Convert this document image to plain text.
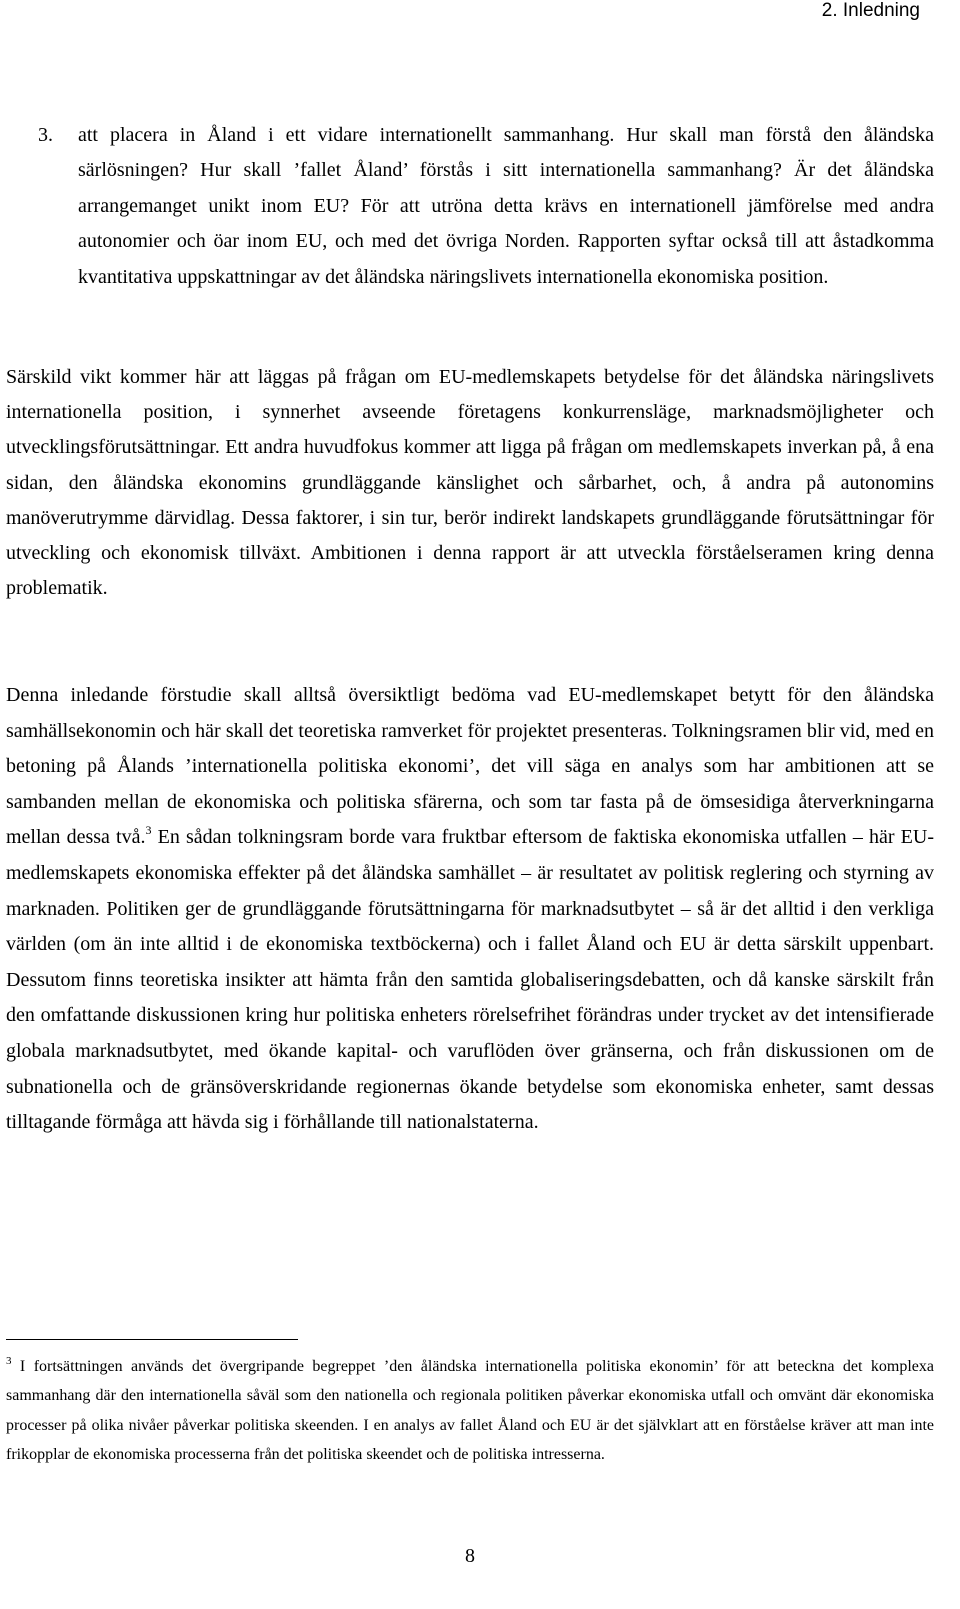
2. Inledning
3. att placera in Åland i ett vidare internationellt sammanhang. Hur skall man förstå den åländska särlösningen? Hur skall ’fallet Åland’ förstås i sitt internationella sammanhang? Är det åländska arrangemanget unikt inom EU? För att utröna detta krävs en internationell jämförelse med andra autonomier och öar inom EU, och med det övriga Norden. Rapporten syftar också till att åstadkomma kvantitativa uppskattningar av det åländska näringslivets internationella ekonomiska position.

Särskild vikt kommer här att läggas på frågan om EU-medlemskapets betydelse för det åländska näringslivets internationella position, i synnerhet avseende företagens konkurrensläge, marknadsmöjligheter och utvecklingsförutsättningar. Ett andra huvudfokus kommer att ligga på frågan om medlemskapets inverkan på, å ena sidan, den åländska ekonomins grundläggande känslighet och sårbarhet, och, å andra på autonomins manöverutrymme därvidlag. Dessa faktorer, i sin tur, berör indirekt landskapets grundläggande förutsättningar för utveckling och ekonomisk tillväxt. Ambitionen i denna rapport är att utveckla förståelseramen kring denna problematik.

Denna inledande förstudie skall alltså översiktligt bedöma vad EU-medlemskapet betytt för den åländska samhällsekonomin och här skall det teoretiska ramverket för projektet presenteras. Tolkningsramen blir vid, med en betoning på Ålands ’internationella politiska ekonomi’, det vill säga en analys som har ambitionen att se sambanden mellan de ekonomiska och politiska sfärerna, och som tar fasta på de ömsesidiga återverkningarna mellan dessa två.$^3$ En sådan tolkningsram borde vara fruktbar eftersom de faktiska ekonomiska utfallen – här EU-medlemskapets ekonomiska effekter på det åländska samhället – är resultatet av politisk reglering och styrning av marknaden. Politiken ger de grundläggande förutsättningarna för marknadsutbytet – så är det alltid i den verkliga världen (om än inte alltid i de ekonomiska textböckerna) och i fallet Åland och EU är detta särskilt uppenbart. Dessutom finns teoretiska insikter att hämta från den samtida globaliseringsdebatten, och då kanske särskilt från den omfattande diskussionen kring hur politiska enheters rörelsefrihet förändras under trycket av det intensifierade globala marknadsutbytet, med ökande kapital- och varuflöden över gränserna, och från diskussionen om de subnationella och de gränsöverskridande regionernas ökande betydelse som ekonomiska enheter, samt dessas tilltagande förmåga att hävda sig i förhållande till nationalstaterna.

$^3$ I fortsättningen används det övergripande begreppet ’den åländska internationella politiska ekonomin’ för att beteckna det komplexa sammanhang där den internationella såväl som den nationella och regionala politiken påverkar ekonomiska utfall och omvänt där ekonomiska processer på olika nivåer påverkar politiska skeenden. I en analys av fallet Åland och EU är det självklart att en förståelse kräver att man inte frikopplar de ekonomiska processerna från det politiska skeendet och de politiska intresserna.

8
